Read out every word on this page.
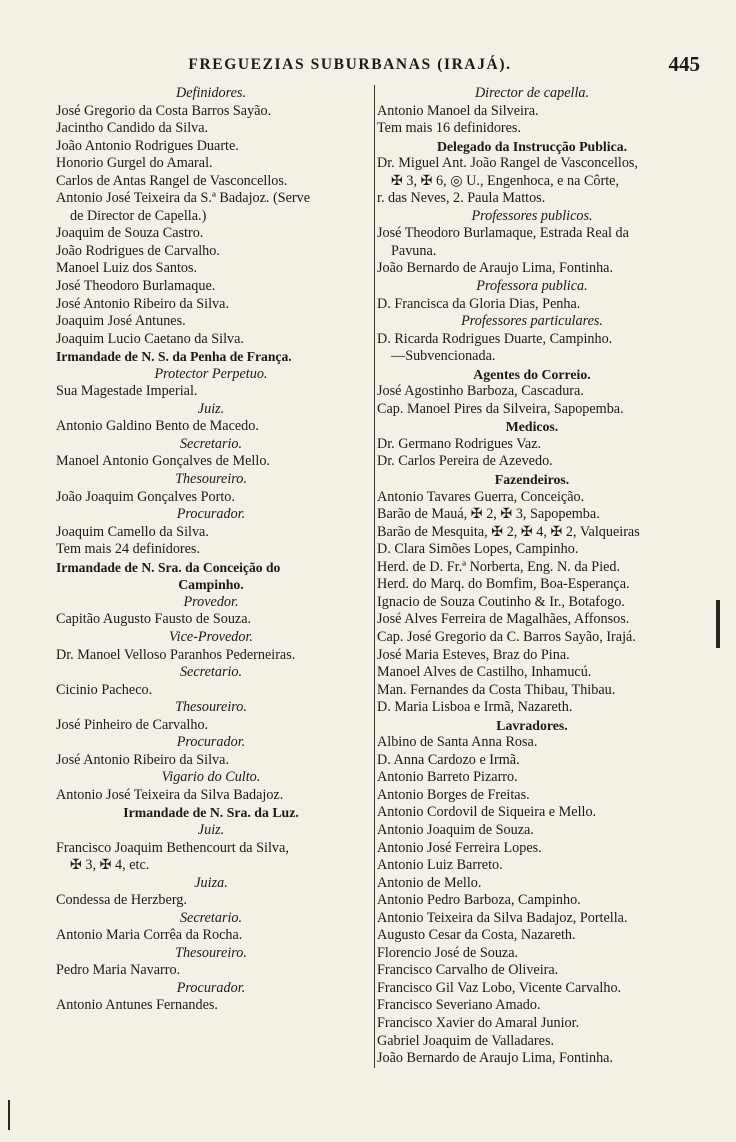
FREGUEZIAS SUBURBANAS (IRAJÁ).	445
Definidores.
José Gregorio da Costa Barros Sayão.
Jacintho Candido da Silva.
João Antonio Rodrigues Duarte.
Honorio Gurgel do Amaral.
Carlos de Antas Rangel de Vasconcellos.
Antonio José Teixeira da S.ª Badajoz. (Serve
de Director de Capella.)
Joaquim de Souza Castro.
João Rodrigues de Carvalho.
Manoel Luiz dos Santos.
José Theodoro Burlamaque.
José Antonio Ribeiro da Silva.
Joaquim José Antunes.
Joaquim Lucio Caetano da Silva.
Irmandade de N. S. da Penha de França.
Protector Perpetuo.
Sua Magestade Imperial.
Juiz.
Antonio Galdino Bento de Macedo.
Secretario.
Manoel Antonio Gonçalves de Mello.
Thesoureiro.
João Joaquim Gonçalves Porto.
Procurador.
Joaquim Camello da Silva.
Tem mais 24 definidores.
Irmandade de N. Sra. da Conceição do
Campinho.
Provedor.
Capitão Augusto Fausto de Souza.
Vice-Provedor.
Dr. Manoel Velloso Paranhos Pederneiras.
Secretario.
Cicinio Pacheco.
Thesoureiro.
José Pinheiro de Carvalho.
Procurador.
José Antonio Ribeiro da Silva.
Vigario do Culto.
Antonio José Teixeira da Silva Badajoz.
Irmandade de N. Sra. da Luz.
Juiz.
Francisco Joaquim Bethencourt da Silva,
✠ 3, ✠ 4, etc.
Juiza.
Condessa de Herzberg.
Secretario.
Antonio Maria Corrêa da Rocha.
Thesoureiro.
Pedro Maria Navarro.
Procurador.
Antonio Antunes Fernandes.
Director de capella.
Antonio Manoel da Silveira.
Tem mais 16 definidores.
Delegado da Instrucção Publica.
Dr. Miguel Ant. João Rangel de Vasconcellos,
✠ 3, ✠ 6, ◎ U., Engenhoca, e na Côrte,
r. das Neves, 2. Paula Mattos.
Professores publicos.
José Theodoro Burlamaque, Estrada Real da
Pavuna.
João Bernardo de Araujo Lima, Fontinha.
Professora publica.
D. Francisca da Gloria Dias, Penha.
Professores particulares.
D. Ricarda Rodrigues Duarte, Campinho.
—Subvencionada.
Agentes do Correio.
José Agostinho Barboza, Cascadura.
Cap. Manoel Pires da Silveira, Sapopemba.
Medicos.
Dr. Germano Rodrigues Vaz.
Dr. Carlos Pereira de Azevedo.
Fazendeiros.
Antonio Tavares Guerra, Conceição.
Barão de Mauá, ✠ 2, ✠ 3, Sapopemba.
Barão de Mesquita, ✠ 2, ✠ 4, ✠ 2, Valqueiras
D. Clara Simões Lopes, Campinho.
Herd. de D. Fr.ª Norberta, Eng. N. da Pied.
Herd. do Marq. do Bomfim, Boa-Esperança.
Ignacio de Souza Coutinho & Ir., Botafogo.
José Alves Ferreira de Magalhães, Affonsos.
Cap. José Gregorio da C. Barros Sayão, Irajá.
José Maria Esteves, Braz do Pina.
Manoel Alves de Castilho, Inhamucú.
Man. Fernandes da Costa Thibau, Thibau.
D. Maria Lisboa e Irmã, Nazareth.
Lavradores.
Albino de Santa Anna Rosa.
D. Anna Cardozo e Irmã.
Antonio Barreto Pizarro.
Antonio Borges de Freitas.
Antonio Cordovil de Siqueira e Mello.
Antonio Joaquim de Souza.
Antonio José Ferreira Lopes.
Antonio Luiz Barreto.
Antonio de Mello.
Antonio Pedro Barboza, Campinho.
Antonio Teixeira da Silva Badajoz, Portella.
Augusto Cesar da Costa, Nazareth.
Florencio José de Souza.
Francisco Carvalho de Oliveira.
Francisco Gil Vaz Lobo, Vicente Carvalho.
Francisco Severiano Amado.
Francisco Xavier do Amaral Junior.
Gabriel Joaquim de Valladares.
João Bernardo de Araujo Lima, Fontinha.
